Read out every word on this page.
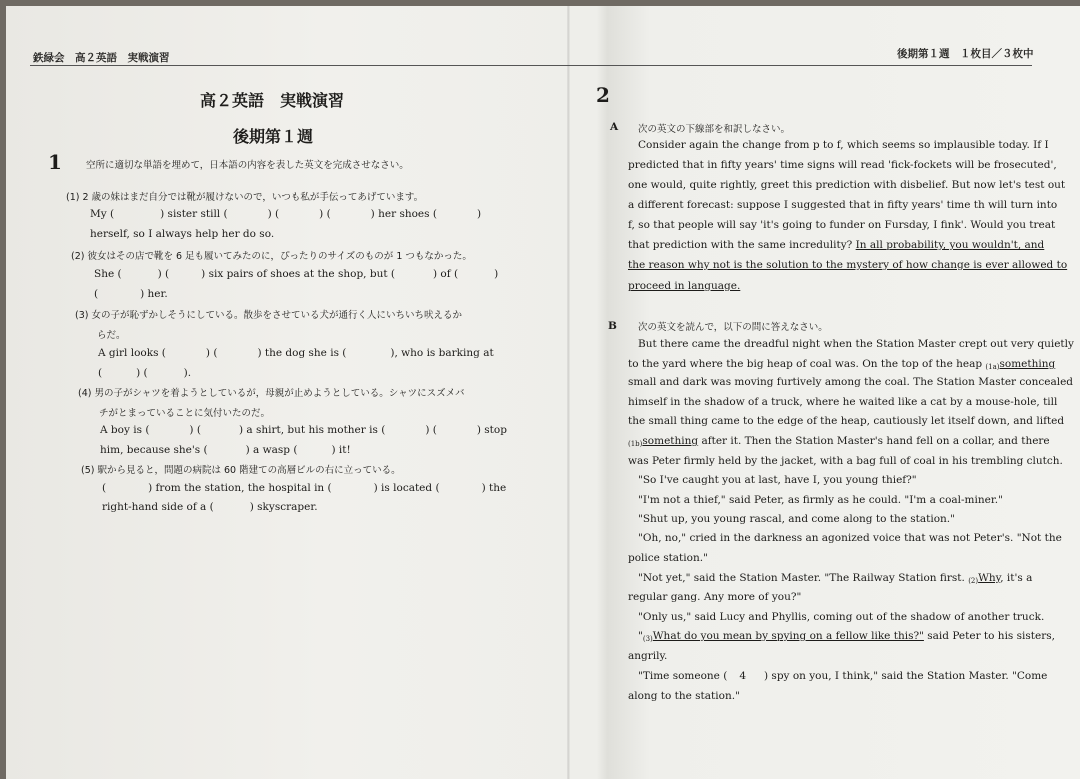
鉄緑会　高２英語　実戦演習	後期第１週　１枚目／３枚中
高２英語　実戦演習
後期第１週
1	空所に適切な単語を埋めて，日本語の内容を表した英文を完成させなさい。
(1) 2 歳の妹はまだ自分では靴が履けないので，いつも私が手伝ってあげています。
My (	) sister still (	) (	) (	) her shoes (	)
herself, so I always help her do so.
(2) 彼女はその店で靴を 6 足も履いてみたのに，ぴったりのサイズのものが 1 つもなかった。
She (	) (	) six pairs of shoes at the shop, but (	) of (	)
(	) her.
(3) 女の子が恥ずかしそうにしている。散歩をさせている犬が通行く人にいちいち吠えるか
らだ。
A girl looks (	) (	) the dog she is (	), who is barking at
(	) (	).
(4) 男の子がシャツを着ようとしているが，母親が止めようとしている。シャツにスズメバ
チがとまっていることに気付いたのだ。
A boy is (	) (	) a shirt, but his mother is (	) (	) stop
him, because she's (	) a wasp (	) it!
(5) 駅から見ると，問題の病院は 60 階建ての高層ビルの右に立っている。
(	) from the station, the hospital in (	) is located (	) the
right-hand side of a (	) skyscraper.
2
A 次の英文の下線部を和訳しなさい。
Consider again the change from p to f, which seems so implausible today. If I
predicted that in fifty years' time signs will read 'fick-fockets will be frosecuted',
one would, quite rightly, greet this prediction with disbelief. But now let's test out
a different forecast: suppose I suggested that in fifty years' time th will turn into
f, so that people will say 'it's going to funder on Fursday, I fink'. Would you treat
that prediction with the same incredulity? In all probability, you wouldn't, and
the reason why not is the solution to the mystery of how change is ever allowed to
proceed in language.
B 次の英文を読んで，以下の問に答えなさい。
But there came the dreadful night when the Station Master crept out very quietly
to the yard where the big heap of coal was. On the top of the heap $_{(1a)}$something
small and dark was moving furtively among the coal. The Station Master concealed
himself in the shadow of a truck, where he waited like a cat by a mouse-hole, till
the small thing came to the edge of the heap, cautiously let itself down, and lifted
$_{(1b)}$something after it. Then the Station Master's hand fell on a collar, and there
was Peter firmly held by the jacket, with a bag full of coal in his trembling clutch.
"So I've caught you at last, have I, you young thief?"
"I'm not a thief," said Peter, as firmly as he could. "I'm a coal-miner."
"Shut up, you young rascal, and come along to the station."
"Oh, no," cried in the darkness an agonized voice that was not Peter's. "Not the
police station."
"Not yet," said the Station Master. "The Railway Station first. $_{(2)}$Why, it's a
regular gang. Any more of you?"
"Only us," said Lucy and Phyllis, coming out of the shadow of another truck.
"$_{(3)}What$ do you mean by spying on a fellow like this?" said Peter to his sisters,
angrily.
"Time someone ( 4 ) spy on you, I think," said the Station Master. "Come
along to the station."
